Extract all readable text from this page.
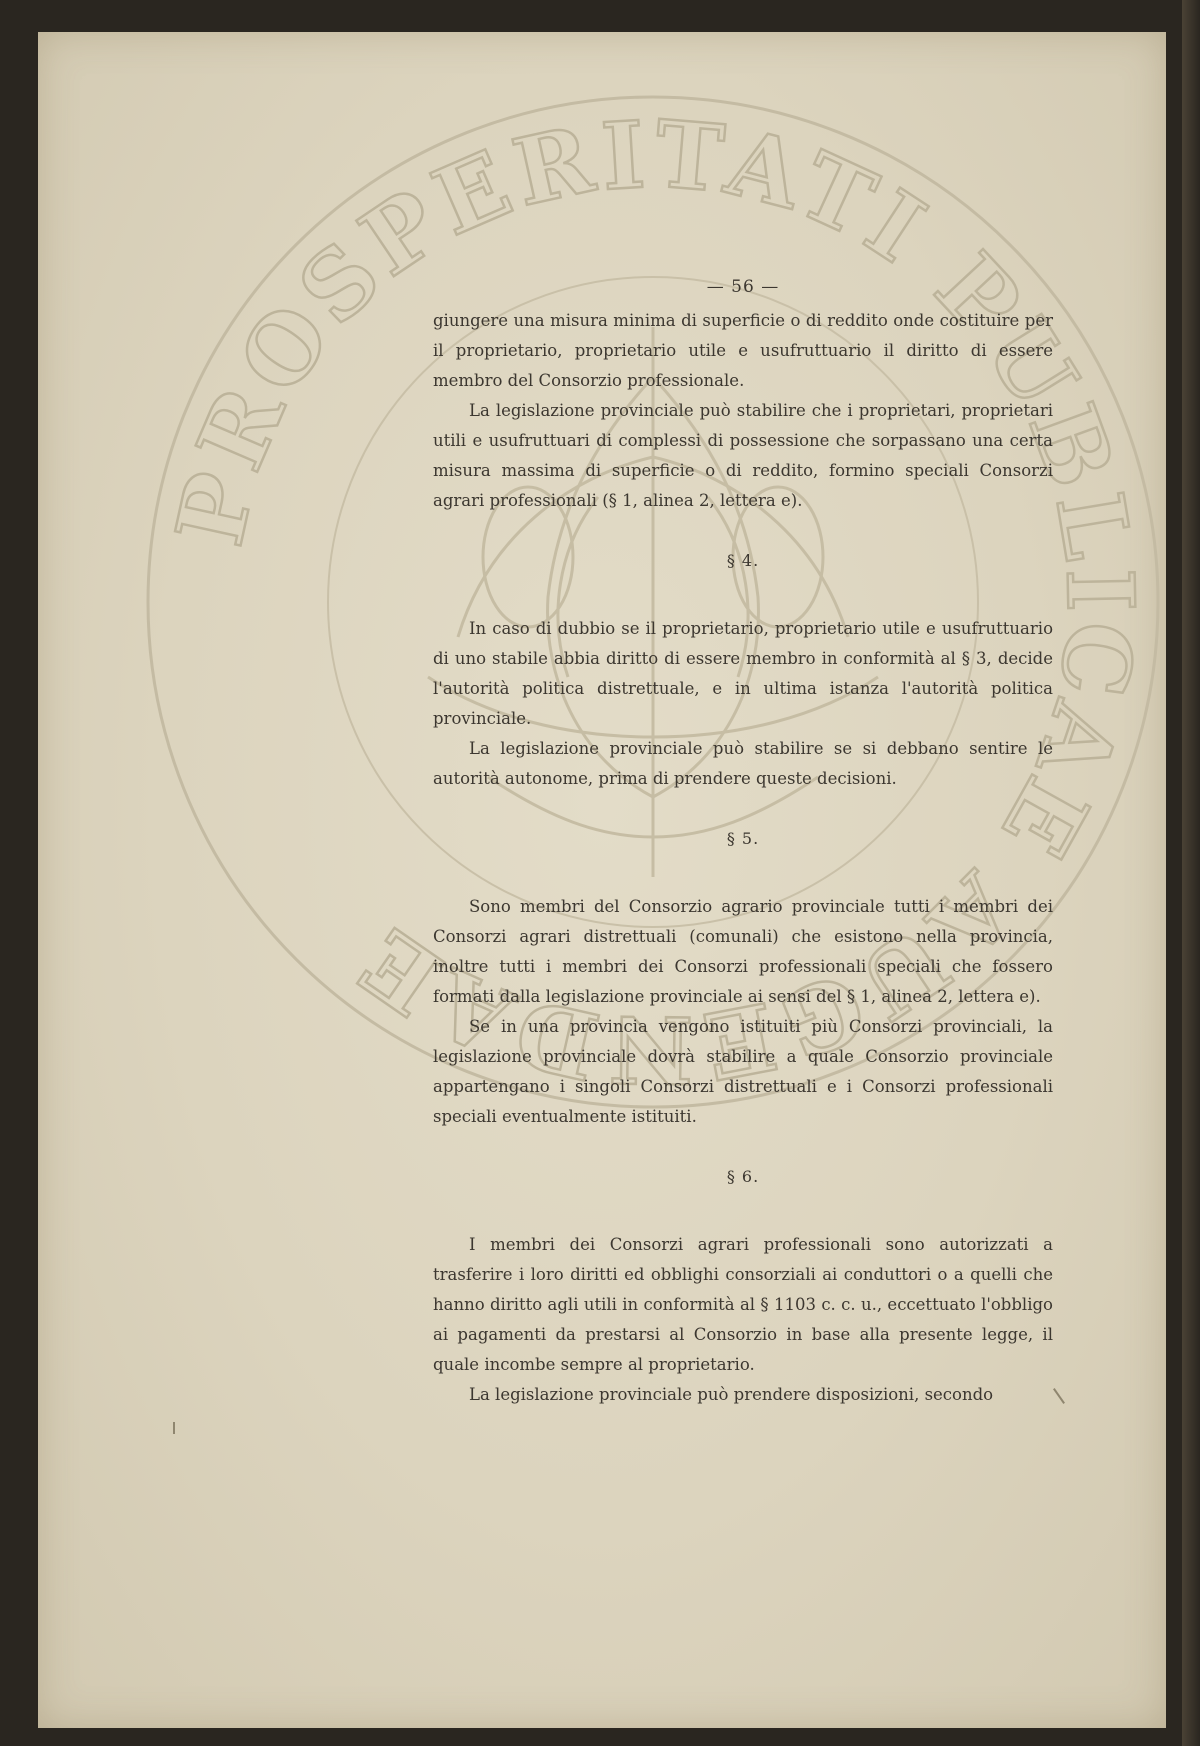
PROSPERITATI PUBLICAE AUGENDAE
— 56 —

giungere una misura minima di superficie o di reddito onde costituire per il proprietario, proprietario utile e usufruttuario il diritto di essere membro del Consorzio professionale.

La legislazione provinciale può stabilire che i proprietari, proprietari utili e usufruttuari di complessi di possessione che sorpassano una certa misura massima di superficie o di reddito, formino speciali Consorzi agrari professionali (§ 1, alinea 2, lettera e).

§ 4.

In caso di dubbio se il proprietario, proprietario utile e usufruttuario di uno stabile abbia diritto di essere membro in conformità al § 3, decide l'autorità politica distrettuale, e in ultima istanza l'autorità politica provinciale.

La legislazione provinciale può stabilire se si debbano sentire le autorità autonome, prima di prendere queste decisioni.

§ 5.

Sono membri del Consorzio agrario provinciale tutti i membri dei Consorzi agrari distrettuali (comunali) che esistono nella provincia, inoltre tutti i membri dei Consorzi professionali speciali che fossero formati dalla legislazione provinciale ai sensi del § 1, alinea 2, lettera e).

Se in una provincia vengono istituiti più Consorzi provinciali, la legislazione provinciale dovrà stabilire a quale Consorzio provinciale appartengano i singoli Consorzi distrettuali e i Consorzi professionali speciali eventualmente istituiti.

§ 6.

I membri dei Consorzi agrari professionali sono autorizzati a trasferire i loro diritti ed obblighi consorziali ai conduttori o a quelli che hanno diritto agli utili in conformità al § 1103 c. c. u., eccettuato l'obbligo ai pagamenti da prestarsi al Consorzio in base alla presente legge, il quale incombe sempre al proprietario.

La legislazione provinciale può prendere disposizioni, secondo
